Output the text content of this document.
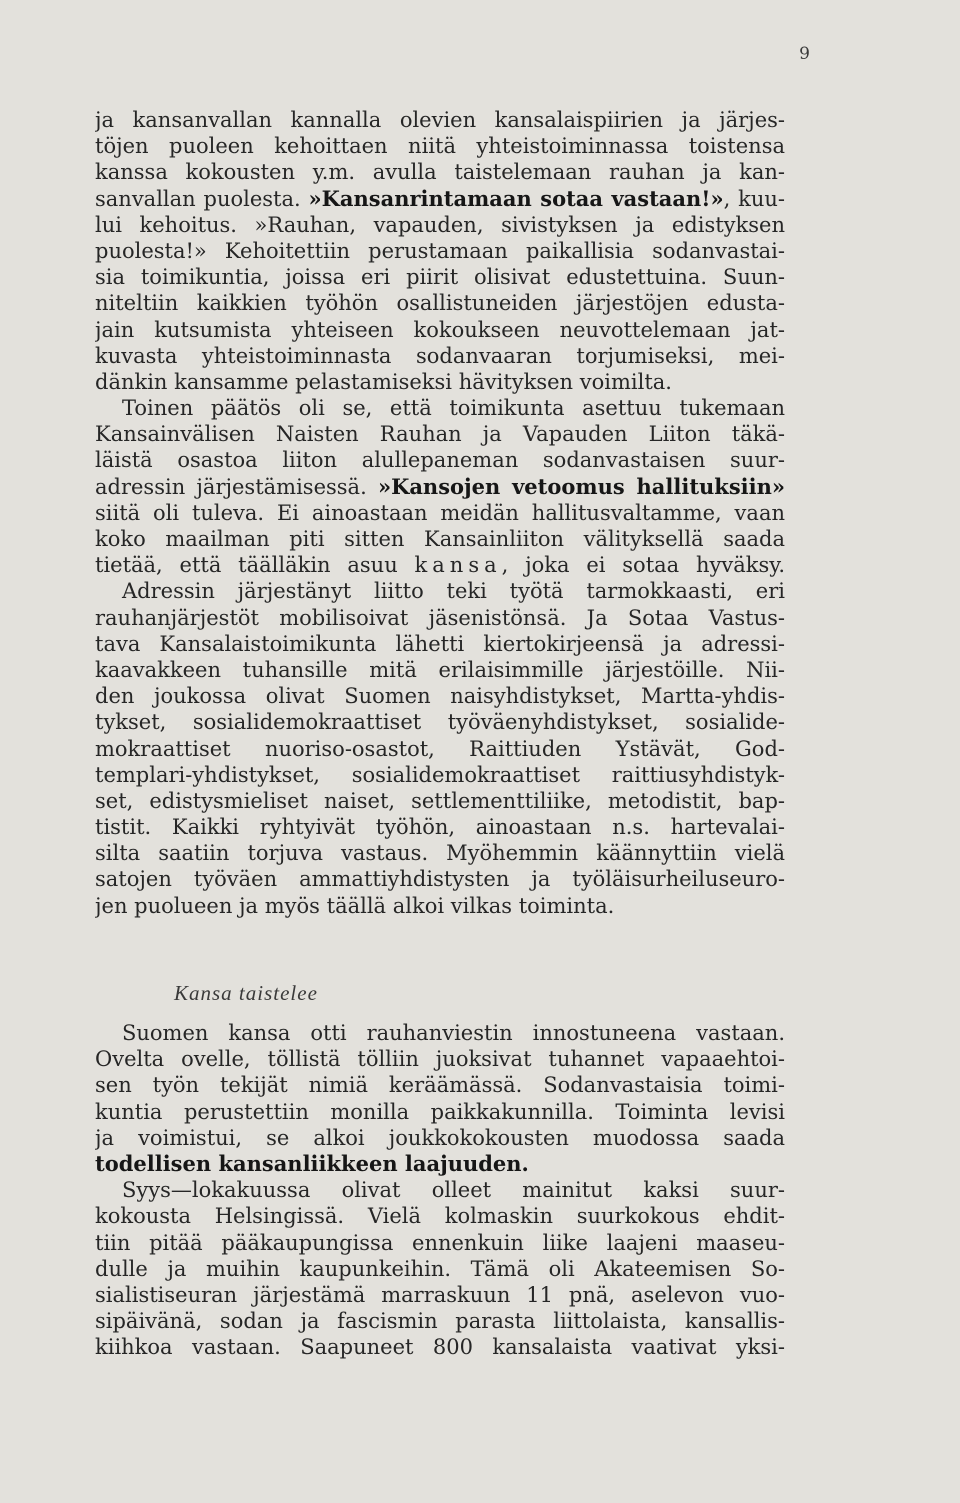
9
ja kansanvallan kannalla olevien kansalaispiirien ja järjes-
töjen puoleen kehoittaen niitä yhteistoiminnassa toistensa
kanssa kokousten y.m. avulla taistelemaan rauhan ja kan-
sanvallan puolesta. »Kansanrintamaan sotaa vastaan!», kuu-
lui kehoitus. »Rauhan, vapauden, sivistyksen ja edistyksen
puolesta!» Kehoitettiin perustamaan paikallisia sodanvastai-
sia toimikuntia, joissa eri piirit olisivat edustettuina. Suun-
niteltiin kaikkien työhön osallistuneiden järjestöjen edusta-
jain kutsumista yhteiseen kokoukseen neuvottelemaan jat-
kuvasta yhteistoiminnasta sodanvaaran torjumiseksi, mei-
dänkin kansamme pelastamiseksi hävityksen voimilta.
Toinen päätös oli se, että toimikunta asettuu tukemaan
Kansainvälisen Naisten Rauhan ja Vapauden Liiton täkä-
läistä osastoa liiton alullepaneman sodanvastaisen suur-
adressin järjestämisessä. »Kansojen vetoomus hallituksiin»
siitä oli tuleva. Ei ainoastaan meidän hallitusvaltamme, vaan
koko maailman piti sitten Kansainliiton välityksellä saada
tietää, että täälläkin asuu kansa, joka ei sotaa hyväksy.
Adressin järjestänyt liitto teki työtä tarmokkaasti, eri
rauhanjärjestöt mobilisoivat jäsenistönsä. Ja Sotaa Vastus-
tava Kansalaistoimikunta lähetti kiertokirjeensä ja adressi-
kaavakkeen tuhansille mitä erilaisimmille järjestöille. Nii-
den joukossa olivat Suomen naisyhdistykset, Martta-yhdis-
tykset, sosialidemokraattiset työväenyhdistykset, sosialide-
mokraattiset nuoriso-osastot, Raittiuden Ystävät, God-
templari-yhdistykset, sosialidemokraattiset raittiusyhdistyk-
set, edistysmieliset naiset, settlementtiliike, metodistit, bap-
tistit. Kaikki ryhtyivät työhön, ainoastaan n.s. hartevalai-
silta saatiin torjuva vastaus. Myöhemmin käännyttiin vielä
satojen työväen ammattiyhdistysten ja työläisurheiluseuro-
jen puolueen ja myös täällä alkoi vilkas toiminta.
Kansa taistelee
Suomen kansa otti rauhanviestin innostuneena vastaan.
Ovelta ovelle, töllistä tölliin juoksivat tuhannet vapaaehtoi-
sen työn tekijät nimiä keräämässä. Sodanvastaisia toimi-
kuntia perustettiin monilla paikkakunnilla. Toiminta levisi
ja voimistui, se alkoi joukkokokousten muodossa saada
todellisen kansanliikkeen laajuuden.
Syys—lokakuussa olivat olleet mainitut kaksi suur-
kokousta Helsingissä. Vielä kolmaskin suurkokous ehdit-
tiin pitää pääkaupungissa ennenkuin liike laajeni maaseu-
dulle ja muihin kaupunkeihin. Tämä oli Akateemisen So-
sialistiseuran järjestämä marraskuun 11 pnä, aselevon vuo-
sipäivänä, sodan ja fascismin parasta liittolaista, kansallis-
kiihkoa vastaan. Saapuneet 800 kansalaista vaativat yksi-
